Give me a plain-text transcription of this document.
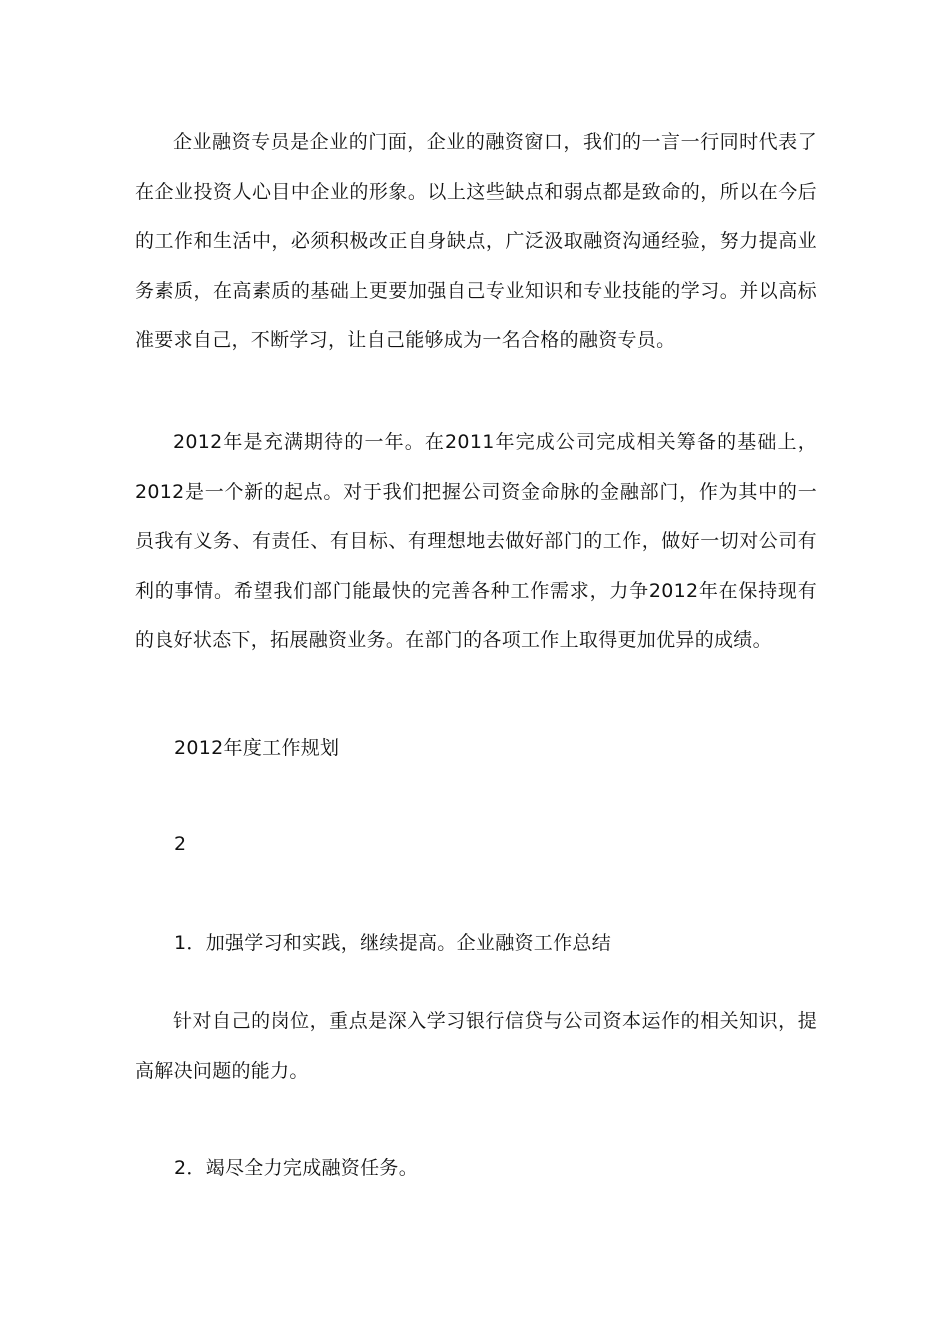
企业融资专员是企业的门面，企业的融资窗口，我们的一言一行同时代表了在企业投资人心目中企业的形象。以上这些缺点和弱点都是致命的，所以在今后的工作和生活中，必须积极改正自身缺点，广泛汲取融资沟通经验，努力提高业务素质，在高素质的基础上更要加强自己专业知识和专业技能的学习。并以高标准要求自己，不断学习，让自己能够成为一名合格的融资专员。

2012年是充满期待的一年。在2011年完成公司完成相关筹备的基础上，2012是一个新的起点。对于我们把握公司资金命脉的金融部门，作为其中的一员我有义务、有责任、有目标、有理想地去做好部门的工作，做好一切对公司有利的事情。希望我们部门能最快的完善各种工作需求，力争2012年在保持现有的良好状态下，拓展融资业务。在部门的各项工作上取得更加优异的成绩。

2012年度工作规划

2

1．加强学习和实践，继续提高。企业融资工作总结

针对自己的岗位，重点是深入学习银行信贷与公司资本运作的相关知识，提高解决问题的能力。

2．竭尽全力完成融资任务。
